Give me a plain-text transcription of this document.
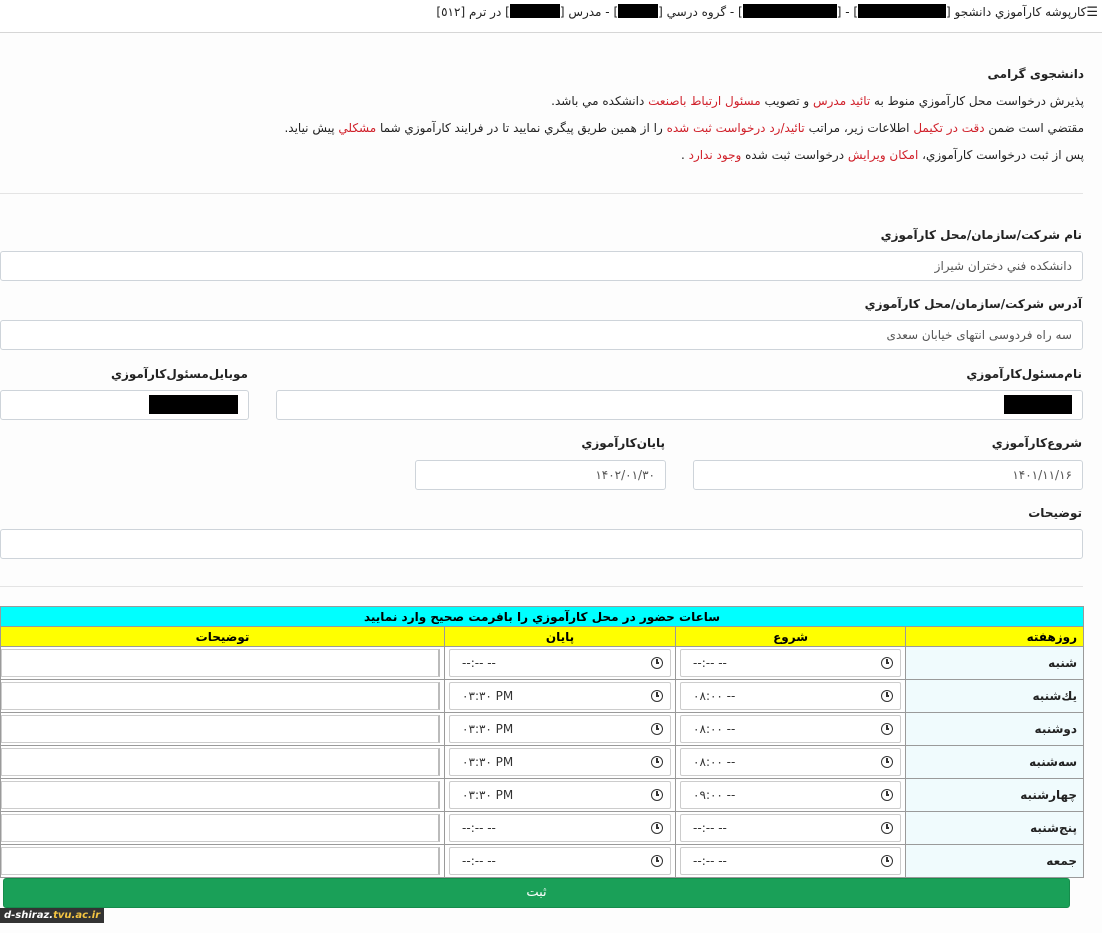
☰كارپوشه كارآموزي دانشجو [] - [] - گروه درسي [] - مدرس [] در ترم [٥١٢]
دانشجوی گرامی

پذيرش درخواست محل كارآموزي منوط به تائيد مدرس و تصويب مسئول ارتباط باصنعت دانشكده مي باشد.

مقتضي است ضمن دقت در تكيمل اطلاعات زير، مراتب تائيد/رد درخواست ثبت شده را از همين طريق پيگري نماييد تا در فرايند كارآموزي شما مشكلي پيش نيايد.

پس از ثبت درخواست كارآموزي، امكان ويرايش درخواست ثبت شده وجود ندارد .

نام شركت/سازمان/محل كارآموزي
دانشكده فني دختران شيراز
آدرس شركت/سازمان/محل كارآموزي
سه راه فردوسی انتهای خیابان سعدی
نام‌مسئول‌كارآموزي
موبايل‌مسئول‌كارآموزي
شروع‌كارآموزي
۱۴۰۱/۱۱/۱۶
پايان‌كارآموزي
۱۴۰۲/۰۱/۳۰
توضيحات
ساعات حضور در محل كارآموزي را بافرمت صحيح وارد نماييد			
روزهفته	شروع	پايان	توضيحات
شنبه	--:-- --	--:-- --	

يك‌شنبه	۰۸:۰۰ --	۰۳:۳۰ PM	

دوشنبه	۰۸:۰۰ --	۰۳:۳۰ PM	

سه‌شنبه	۰۸:۰۰ --	۰۳:۳۰ PM	

چهارشنبه	۰۹:۰۰ --	۰۳:۳۰ PM	

پنج‌شنبه	--:-- --	--:-- --	

جمعه	--:-- --	--:-- --	

ثبت
d-shiraz.tvu.ac.ir
